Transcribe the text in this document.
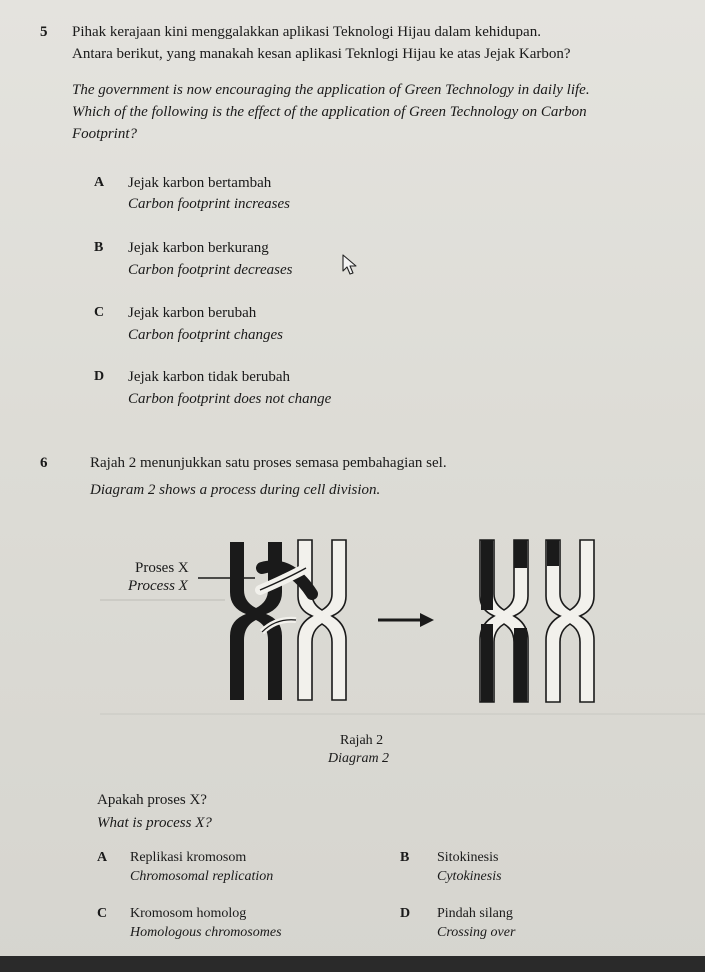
5 Pihak kerajaan kini menggalakkan aplikasi Teknologi Hijau dalam kehidupan.
Antara berikut, yang manakah kesan aplikasi Teknlogi Hijau ke atas Jejak Karbon?
The government is now encouraging the application of Green Technology in daily life.
Which of the following is the effect of the application of Green Technology on Carbon
Footprint?
A Jejak karbon bertambah
Carbon footprint increases
B Jejak karbon berkurang
Carbon footprint decreases
C Jejak karbon berubah
Carbon footprint changes
D Jejak karbon tidak berubah
Carbon footprint does not change
6	Rajah 2 menunjukkan satu proses semasa pembahagian sel.
Diagram 2 shows a process during cell division.
Proses X
Process X
Rajah 2
Diagram 2
Apakah proses X?
What is process X?
A Replikasi kromosom
Chromosomal replication
B Sitokinesis
Cytokinesis
C Kromosom homolog
Homologous chromosomes
D Pindah silang
Crossing over
